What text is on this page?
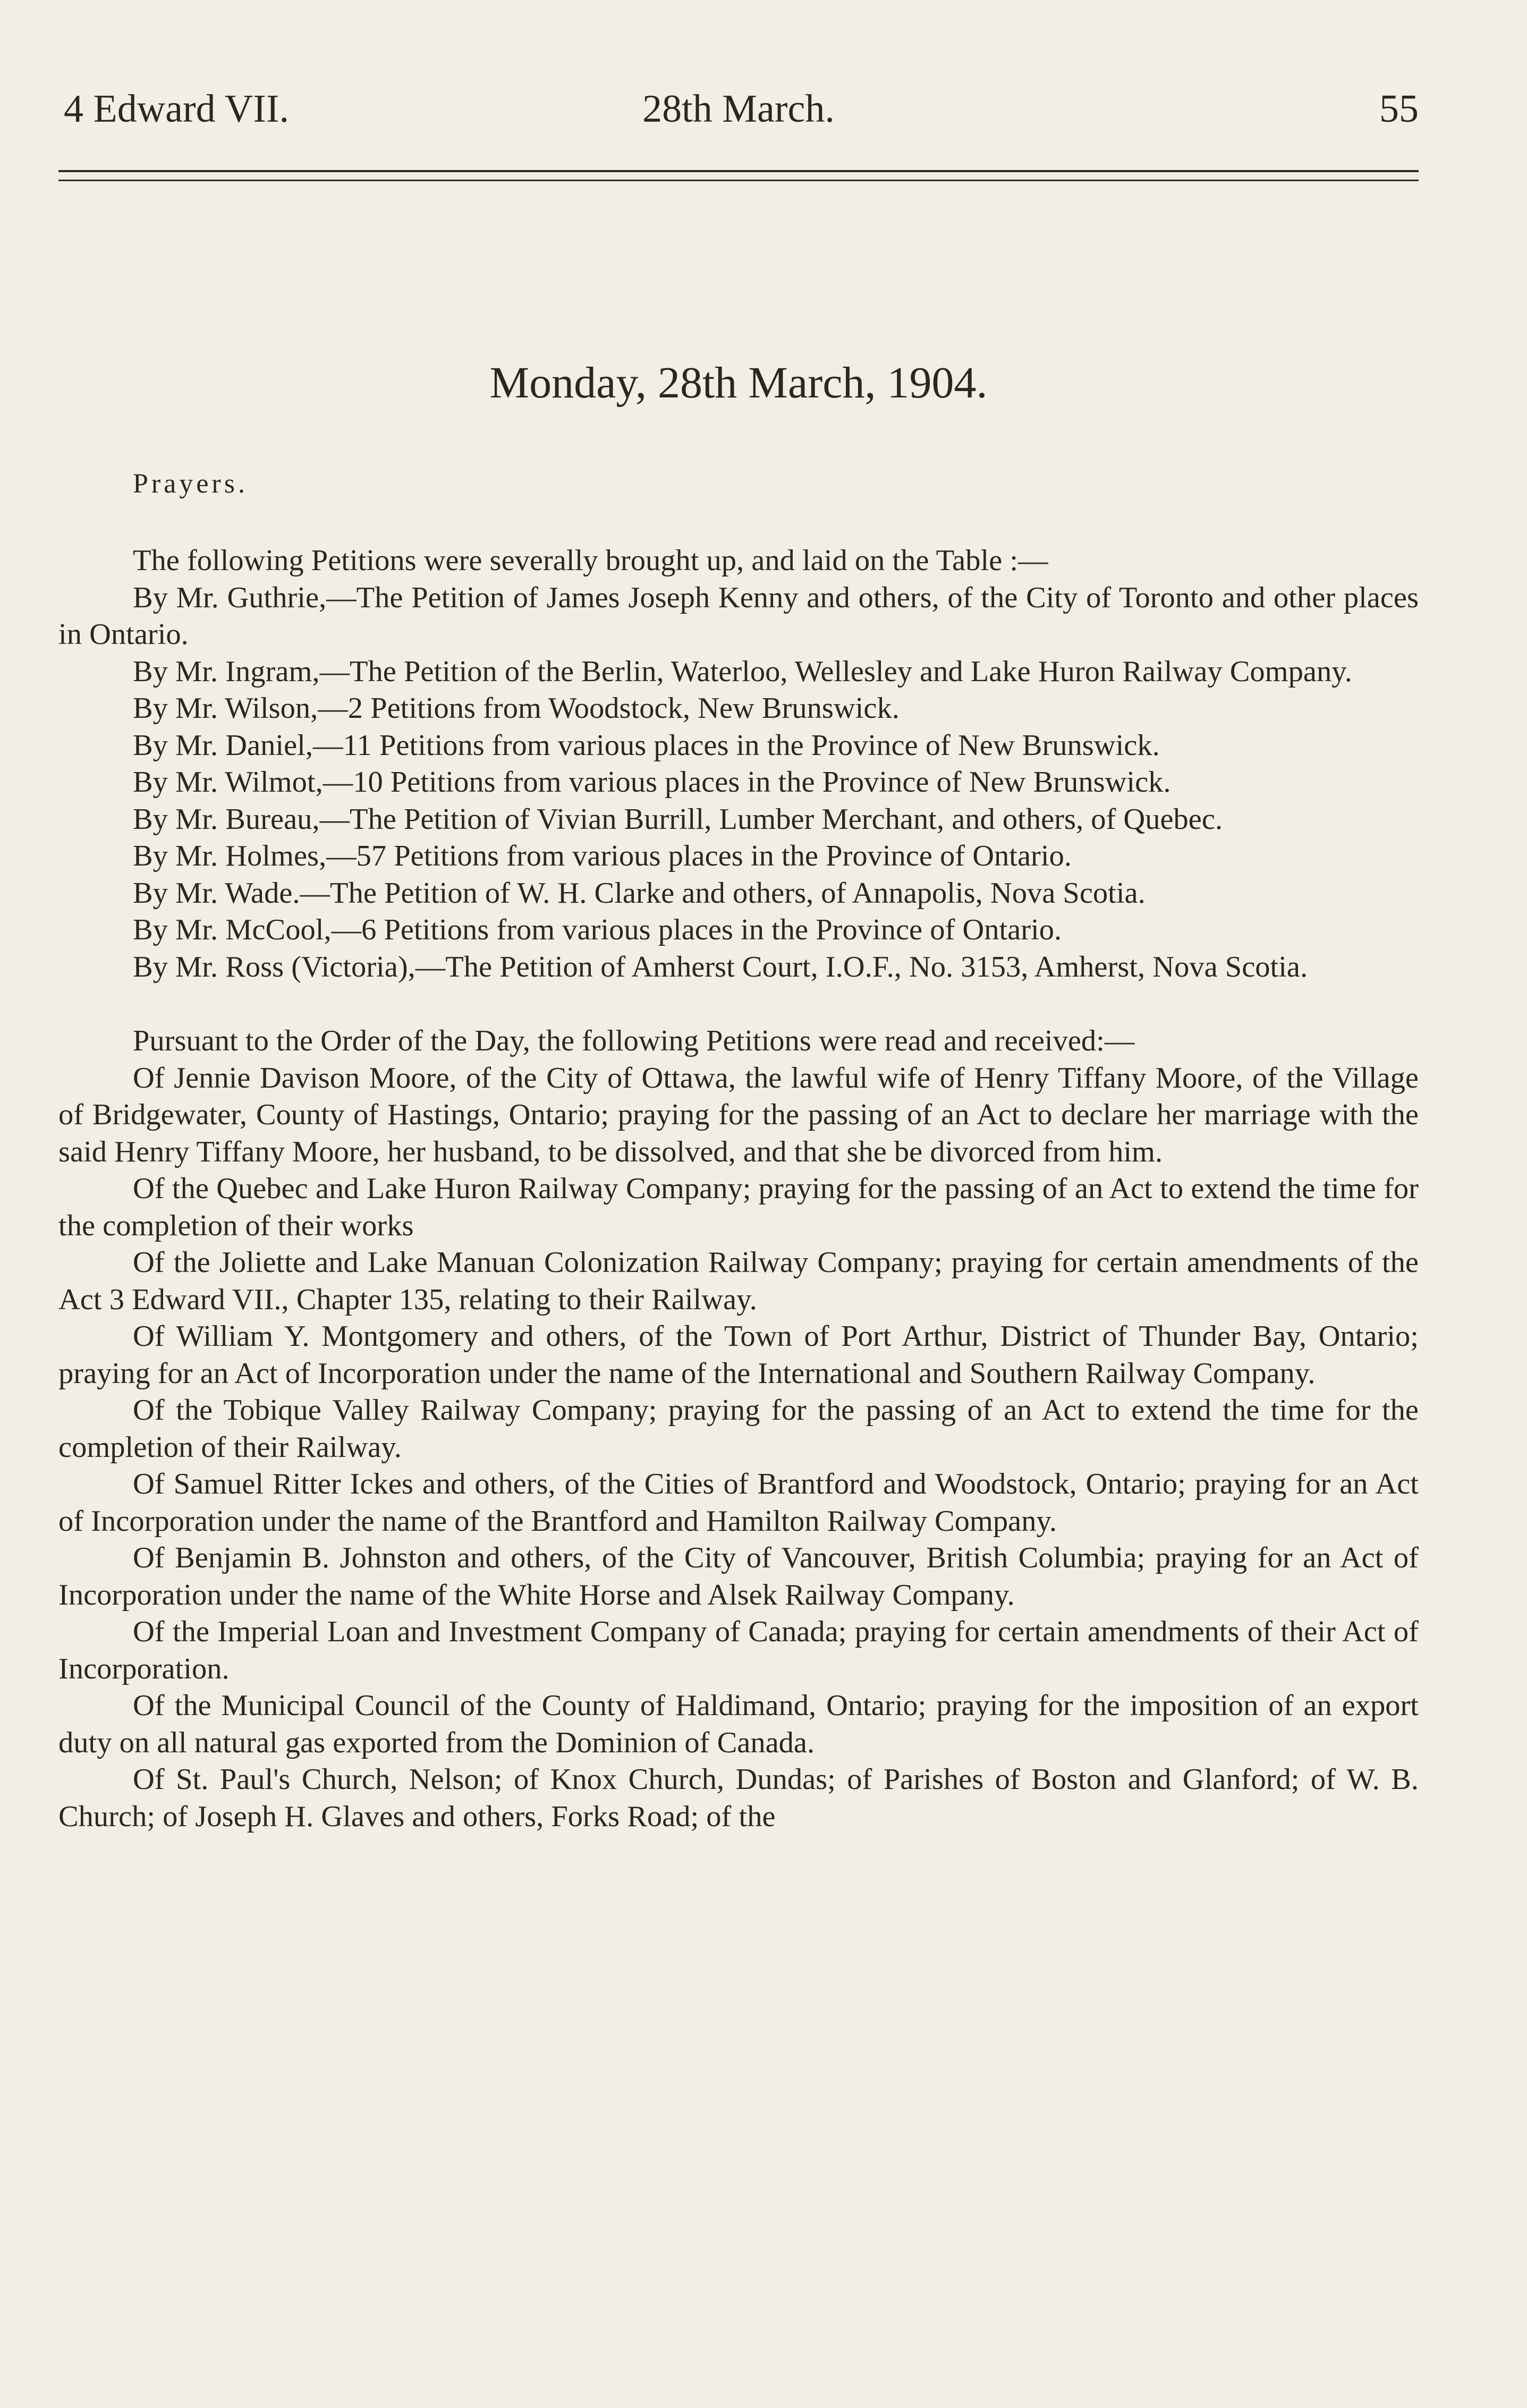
4 Edward VII.	28th March.	55
Monday, 28th March, 1904.
Prayers.

The following Petitions were severally brought up, and laid on the Table :—

By Mr. Guthrie,—The Petition of James Joseph Kenny and others, of the City of Toronto and other places in Ontario.

By Mr. Ingram,—The Petition of the Berlin, Waterloo, Wellesley and Lake Huron Railway Company.

By Mr. Wilson,—2 Petitions from Woodstock, New Brunswick.

By Mr. Daniel,—11 Petitions from various places in the Province of New Brunswick.

By Mr. Wilmot,—10 Petitions from various places in the Province of New Brunswick.

By Mr. Bureau,—The Petition of Vivian Burrill, Lumber Merchant, and others, of Quebec.

By Mr. Holmes,—57 Petitions from various places in the Province of Ontario.

By Mr. Wade.—The Petition of W. H. Clarke and others, of Annapolis, Nova Scotia.

By Mr. McCool,—6 Petitions from various places in the Province of Ontario.

By Mr. Ross (Victoria),—The Petition of Amherst Court, I.O.F., No. 3153, Amherst, Nova Scotia.

Pursuant to the Order of the Day, the following Petitions were read and received:—

Of Jennie Davison Moore, of the City of Ottawa, the lawful wife of Henry Tiffany Moore, of the Village of Bridgewater, County of Hastings, Ontario; praying for the passing of an Act to declare her marriage with the said Henry Tiffany Moore, her husband, to be dissolved, and that she be divorced from him.

Of the Quebec and Lake Huron Railway Company; praying for the passing of an Act to extend the time for the completion of their works

Of the Joliette and Lake Manuan Colonization Railway Company; praying for certain amendments of the Act 3 Edward VII., Chapter 135, relating to their Railway.

Of William Y. Montgomery and others, of the Town of Port Arthur, District of Thunder Bay, Ontario; praying for an Act of Incorporation under the name of the International and Southern Railway Company.

Of the Tobique Valley Railway Company; praying for the passing of an Act to extend the time for the completion of their Railway.

Of Samuel Ritter Ickes and others, of the Cities of Brantford and Woodstock, Ontario; praying for an Act of Incorporation under the name of the Brantford and Hamilton Railway Company.

Of Benjamin B. Johnston and others, of the City of Vancouver, British Columbia; praying for an Act of Incorporation under the name of the White Horse and Alsek Railway Company.

Of the Imperial Loan and Investment Company of Canada; praying for certain amendments of their Act of Incorporation.

Of the Municipal Council of the County of Haldimand, Ontario; praying for the imposition of an export duty on all natural gas exported from the Dominion of Canada.

Of St. Paul's Church, Nelson; of Knox Church, Dundas; of Parishes of Boston and Glanford; of W. B. Church; of Joseph H. Glaves and others, Forks Road; of the
